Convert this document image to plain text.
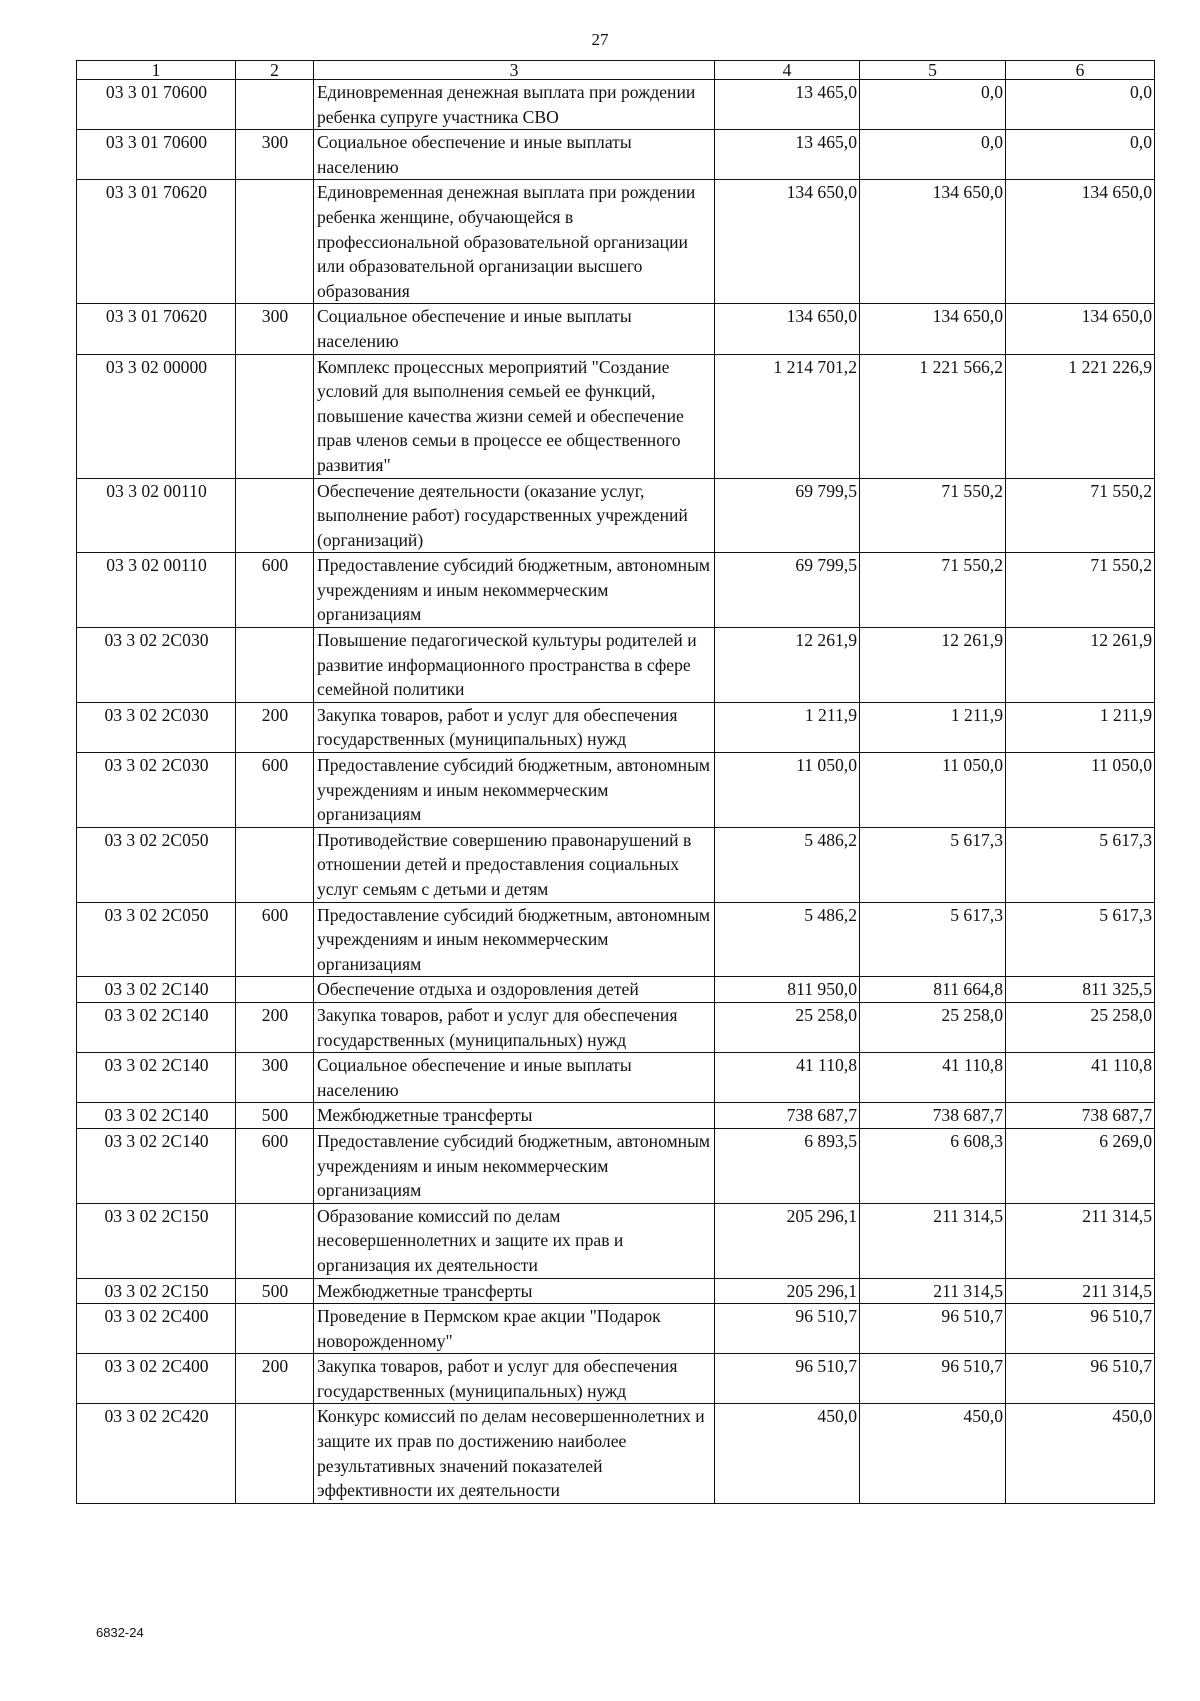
27
1	2	3	4	5	6
03 3 01 70600		Единовременная денежная выплата при рождении ребенка супруге участника СВО	13 465,0	0,0	0,0
03 3 01 70600	300	Социальное обеспечение и иные выплаты населению	13 465,0	0,0	0,0
03 3 01 70620		Единовременная денежная выплата при рождении ребенка женщине, обучающейся в профессиональной образовательной организации или образовательной организации высшего образования	134 650,0	134 650,0	134 650,0
03 3 01 70620	300	Социальное обеспечение и иные выплаты населению	134 650,0	134 650,0	134 650,0
03 3 02 00000		Комплекс процессных мероприятий "Создание условий для выполнения семьей ее функций, повышение качества жизни семей и обеспечение прав членов семьи в процессе ее общественного развития"	1 214 701,2	1 221 566,2	1 221 226,9
03 3 02 00110		Обеспечение деятельности (оказание услуг, выполнение работ) государственных учреждений (организаций)	69 799,5	71 550,2	71 550,2
03 3 02 00110	600	Предоставление субсидий бюджетным, автономным учреждениям и иным некоммерческим организациям	69 799,5	71 550,2	71 550,2
03 3 02 2С030		Повышение педагогической культуры родителей и развитие информационного пространства в сфере семейной политики	12 261,9	12 261,9	12 261,9
03 3 02 2С030	200	Закупка товаров, работ и услуг для обеспечения государственных (муниципальных) нужд	1 211,9	1 211,9	1 211,9
03 3 02 2С030	600	Предоставление субсидий бюджетным, автономным учреждениям и иным некоммерческим организациям	11 050,0	11 050,0	11 050,0
03 3 02 2С050		Противодействие совершению правонарушений в отношении детей и предоставления социальных услуг семьям с детьми и детям	5 486,2	5 617,3	5 617,3
03 3 02 2С050	600	Предоставление субсидий бюджетным, автономным учреждениям и иным некоммерческим организациям	5 486,2	5 617,3	5 617,3
03 3 02 2С140		Обеспечение отдыха и оздоровления детей	811 950,0	811 664,8	811 325,5
03 3 02 2С140	200	Закупка товаров, работ и услуг для обеспечения государственных (муниципальных) нужд	25 258,0	25 258,0	25 258,0
03 3 02 2С140	300	Социальное обеспечение и иные выплаты населению	41 110,8	41 110,8	41 110,8
03 3 02 2С140	500	Межбюджетные трансферты	738 687,7	738 687,7	738 687,7
03 3 02 2С140	600	Предоставление субсидий бюджетным, автономным учреждениям и иным некоммерческим организациям	6 893,5	6 608,3	6 269,0
03 3 02 2С150		Образование комиссий по делам несовершеннолетних и защите их прав и организация их деятельности	205 296,1	211 314,5	211 314,5
03 3 02 2С150	500	Межбюджетные трансферты	205 296,1	211 314,5	211 314,5
03 3 02 2С400		Проведение в Пермском крае акции "Подарок новорожденному"	96 510,7	96 510,7	96 510,7
03 3 02 2С400	200	Закупка товаров, работ и услуг для обеспечения государственных (муниципальных) нужд	96 510,7	96 510,7	96 510,7
03 3 02 2С420		Конкурс комиссий по делам несовершеннолетних и защите их прав по достижению наиболее результативных значений показателей эффективности их деятельности	450,0	450,0	450,0
6832-24
